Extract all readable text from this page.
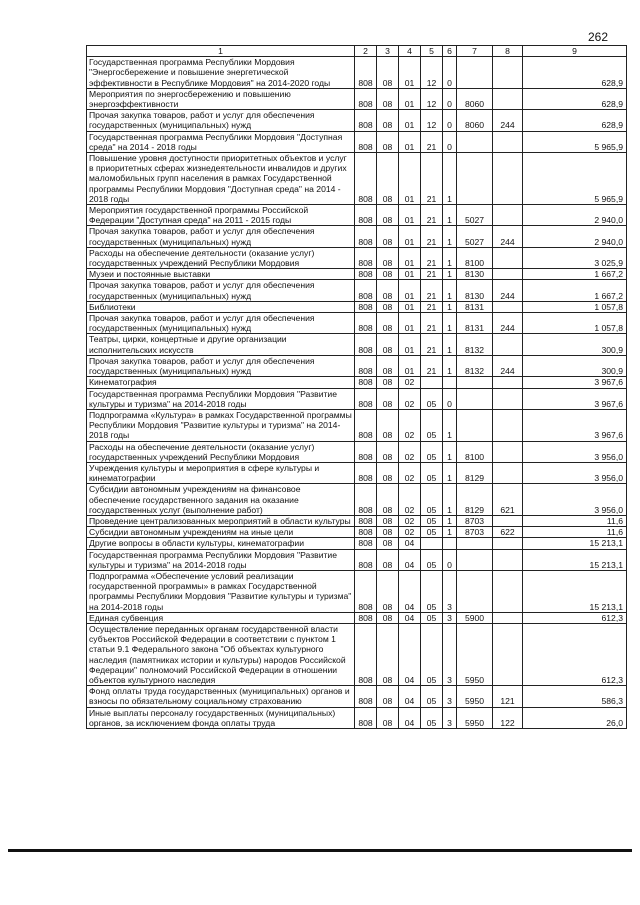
262
1	2	3	4	5	6	7	8	9
Государственная программа Республики Мордовия "Энергосбережение и повышение энергетической эффективности в Республике Мордовия" на 2014-2020 годы	808	08	01	12	0			628,9
Мероприятия по энергосбережению и повышению энергоэффективности	808	08	01	12	0	8060		628,9
Прочая закупка товаров, работ и услуг для обеспечения государственных (муниципальных) нужд	808	08	01	12	0	8060	244	628,9
Государственная программа Республики Мордовия "Доступная среда" на 2014 - 2018 годы	808	08	01	21	0			5 965,9
Повышение уровня доступности приоритетных объектов и услуг в приоритетных сферах жизнедеятельности инвалидов и других маломобильных групп населения в рамках Государственной программы Республики Мордовия "Доступная среда" на 2014 - 2018 годы	808	08	01	21	1			5 965,9
Мероприятия государственной программы Российской Федерации "Доступная среда" на 2011 - 2015 годы	808	08	01	21	1	5027		2 940,0
Прочая закупка товаров, работ и услуг для обеспечения государственных (муниципальных) нужд	808	08	01	21	1	5027	244	2 940,0
Расходы на обеспечение деятельности (оказание услуг) государственных учреждений Республики Мордовия	808	08	01	21	1	8100		3 025,9
Музеи и постоянные выставки	808	08	01	21	1	8130		1 667,2
Прочая закупка товаров, работ и услуг для обеспечения государственных (муниципальных) нужд	808	08	01	21	1	8130	244	1 667,2
Библиотеки	808	08	01	21	1	8131		1 057,8
Прочая закупка товаров, работ и услуг для обеспечения государственных (муниципальных) нужд	808	08	01	21	1	8131	244	1 057,8
Театры, цирки, концертные и другие организации исполнительских искусств	808	08	01	21	1	8132		300,9
Прочая закупка товаров, работ и услуг для обеспечения государственных (муниципальных) нужд	808	08	01	21	1	8132	244	300,9
Кинематография	808	08	02					3 967,6
Государственная программа Республики Мордовия "Развитие культуры и туризма" на 2014-2018 годы	808	08	02	05	0			3 967,6
Подпрограмма «Культура» в рамках Государственной программы Республики Мордовия "Развитие культуры и туризма" на 2014-2018 годы	808	08	02	05	1			3 967,6
Расходы на обеспечение деятельности (оказание услуг) государственных учреждений Республики Мордовия	808	08	02	05	1	8100		3 956,0
Учреждения культуры и мероприятия в сфере культуры и кинематографии	808	08	02	05	1	8129		3 956,0
Субсидии автономным учреждениям на финансовое обеспечение государственного задания на оказание государственных услуг (выполнение работ)	808	08	02	05	1	8129	621	3 956,0
Проведение централизованных мероприятий в области культуры	808	08	02	05	1	8703		11,6
Субсидии автономным учреждениям на иные цели	808	08	02	05	1	8703	622	11,6
Другие вопросы в области культуры, кинематографии	808	08	04					15 213,1
Государственная программа Республики Мордовия "Развитие культуры и туризма" на 2014-2018 годы	808	08	04	05	0			15 213,1
Подпрограмма «Обеспечение условий реализации государственной программы» в рамках Государственной программы Республики Мордовия "Развитие культуры и туризма" на 2014-2018 годы	808	08	04	05	3			15 213,1
Единая субвенция	808	08	04	05	3	5900		612,3
Осуществление переданных органам государственной власти субъектов Российской Федерации в соответствии с пунктом 1 статьи 9.1 Федерального закона "Об объектах культурного наследия (памятниках истории и культуры) народов Российской Федерации" полномочий Российской Федерации в отношении объектов культурного наследия	808	08	04	05	3	5950		612,3
Фонд оплаты труда государственных (муниципальных) органов и взносы по обязательному социальному страхованию	808	08	04	05	3	5950	121	586,3
Иные выплаты персоналу государственных (муниципальных) органов, за исключением фонда оплаты труда	808	08	04	05	3	5950	122	26,0
